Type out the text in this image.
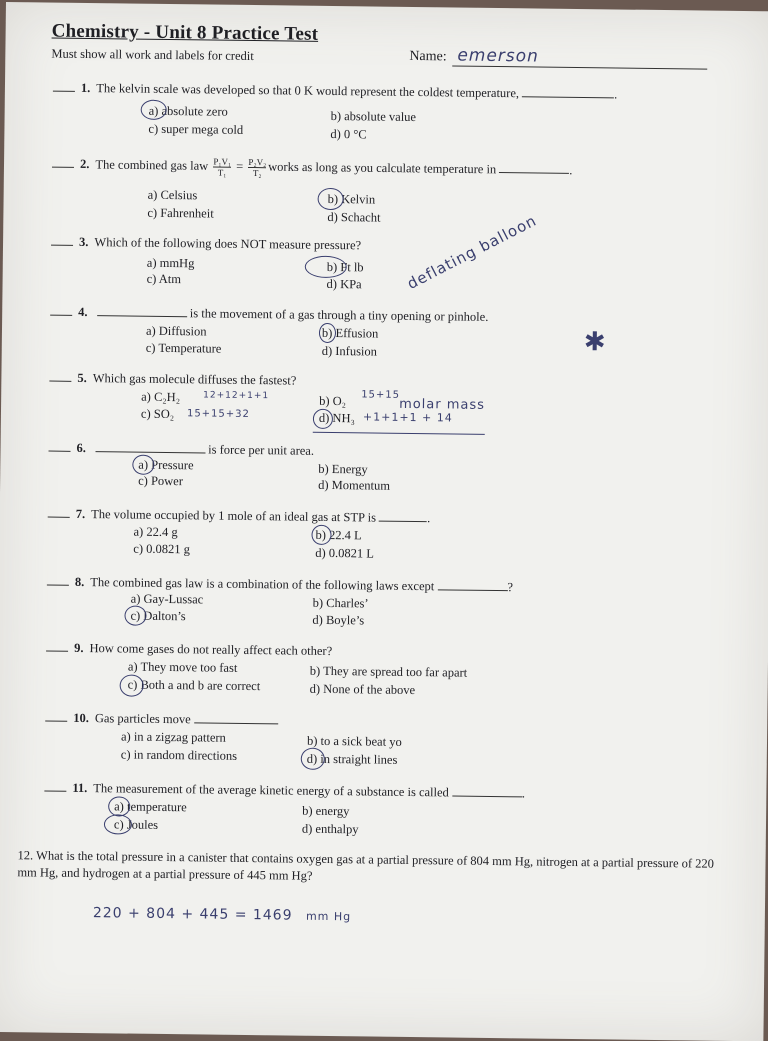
Chemistry - Unit 8 Practice Test
Must show all work and labels for credit	Name: emerson
1. The kelvin scale was developed so that 0 K would represent the coldest temperature,	.
a) absolute zero	b) absolute value
c) super mega cold	d) 0 °C
2. The combined gas law $\frac{\text{P₁V₁}}{\text{T₁}} = \frac{\text{P₂V₂}}{\text{T₂}}$ works as long as you calculate temperature in	.
a) Celsius	b) Kelvin
c) Fahrenheit	d) Schacht
3. Which of the following does NOT measure pressure?
a) mmHg	b) Ft lb
c) Atm	d) KPa	deflating balloon
4.	is the movement of a gas through a tiny opening or pinhole.
a) Diffusion	b) Effusion
c) Temperature	d) Infusion	✱
5. Which gas molecule diffuses the fastest?
a) C₂H₂	12+12+1+1	b) O₂ 15+15
molar mass
c) SO₂ 15+15+32	d) NH₃ +1+1+1 + 14
6.	is force per unit area.
a) Pressure	b) Energy
c) Power	d) Momentum
7. The volume occupied by 1 mole of an ideal gas at STP is	.
a) 22.4 g	b) 22.4 L
c) 0.0821 g	d) 0.0821 L
8. The combined gas law is a combination of the following laws except	?
a) Gay-Lussac	b) Charles’
c) Dalton’s	d) Boyle’s
9. How come gases do not really affect each other?
a) They move too fast	b) They are spread too far apart
c) Both a and b are correct	d) None of the above
10. Gas particles move
a) in a zigzag pattern	b) to a sick beat yo
c) in random directions	d) in straight lines
11. The measurement of the average kinetic energy of a substance is called	.
a) temperature	b) energy
c) Joules	d) enthalpy
12. What is the total pressure in a canister that contains oxygen gas at a partial pressure of 804 mm Hg, nitrogen at a partial pressure of 220 mm Hg, and hydrogen at a partial pressure of 445 mm Hg?
220 + 804 + 445 = 1469 mm Hg
